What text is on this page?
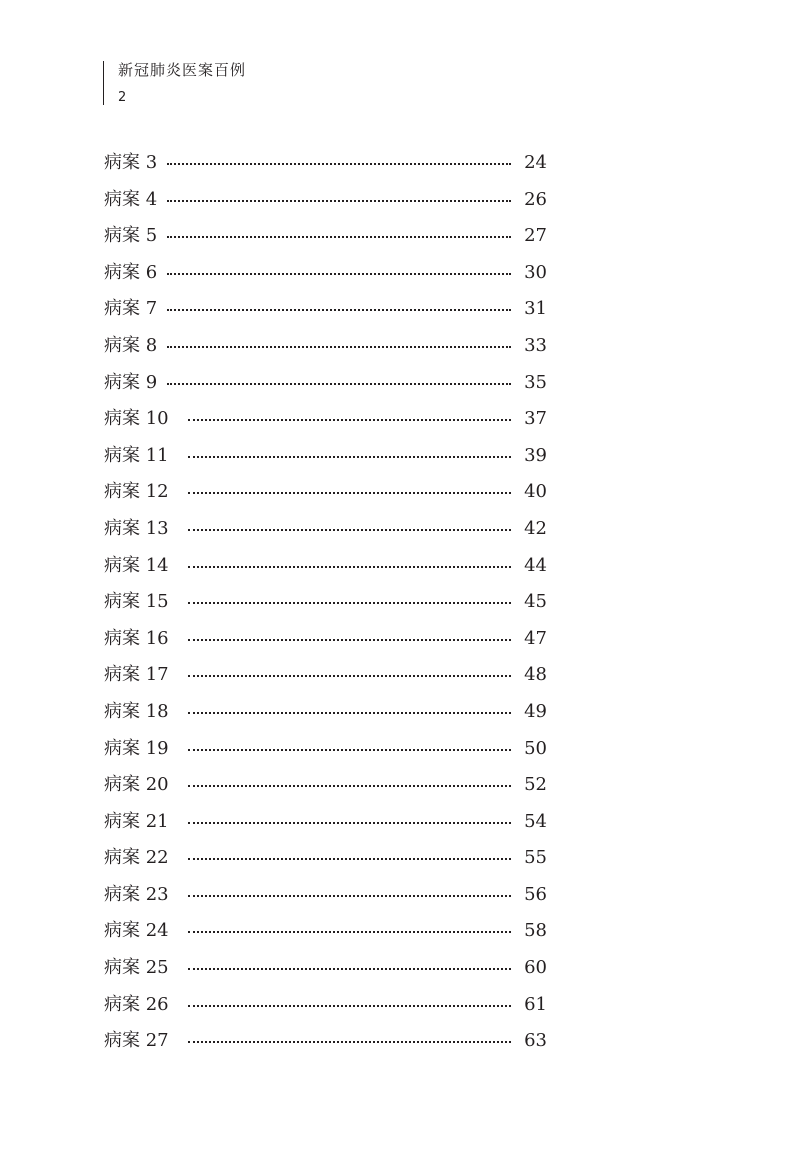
新冠肺炎医案百例
2
病案 3	24
病案 4	26
病案 5	27
病案 6	30
病案 7	31
病案 8	33
病案 9	35
病案 10	37
病案 11	39
病案 12	40
病案 13	42
病案 14	44
病案 15	45
病案 16	47
病案 17	48
病案 18	49
病案 19	50
病案 20	52
病案 21	54
病案 22	55
病案 23	56
病案 24	58
病案 25	60
病案 26	61
病案 27	63
